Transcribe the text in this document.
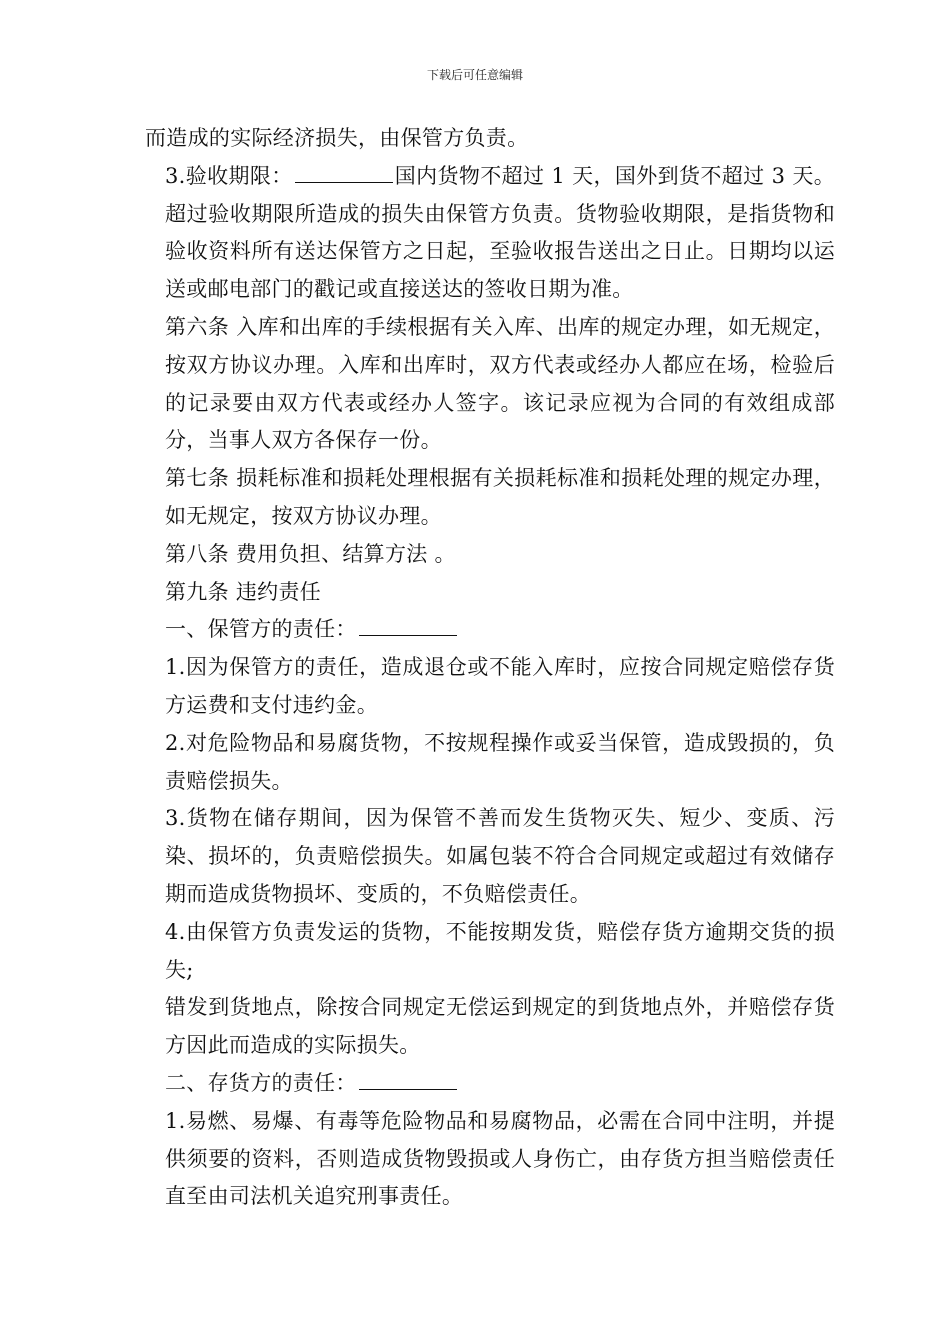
下载后可任意编辑

而造成的实际经济损失，由保管方负责。

3.验收期限：	国内货物不超过 1 天，国外到货不超过 3 天。超过验收期限所造成的损失由保管方负责。货物验收期限，是指货物和验收资料所有送达保管方之日起，至验收报告送出之日止。日期均以运送或邮电部门的戳记或直接送达的签收日期为准。

第六条 入库和出库的手续根据有关入库、出库的规定办理，如无规定，按双方协议办理。入库和出库时，双方代表或经办人都应在场，检验后的记录要由双方代表或经办人签字。该记录应视为合同的有效组成部分，当事人双方各保存一份。

第七条 损耗标准和损耗处理根据有关损耗标准和损耗处理的规定办理，如无规定，按双方协议办理。

第八条 费用负担、结算方法 。

第九条 违约责任

一、保管方的责任：

1.因为保管方的责任，造成退仓或不能入库时，应按合同规定赔偿存货方运费和支付违约金。

2.对危险物品和易腐货物，不按规程操作或妥当保管，造成毁损的，负责赔偿损失。

3.货物在储存期间，因为保管不善而发生货物灭失、短少、变质、污染、损坏的，负责赔偿损失。如属包装不符合合同规定或超过有效储存期而造成货物损坏、变质的，不负赔偿责任。

4.由保管方负责发运的货物，不能按期发货，赔偿存货方逾期交货的损失;

错发到货地点，除按合同规定无偿运到规定的到货地点外，并赔偿存货方因此而造成的实际损失。

二、存货方的责任：

1.易燃、易爆、有毒等危险物品和易腐物品，必需在合同中注明，并提供须要的资料，否则造成货物毁损或人身伤亡，由存货方担当赔偿责任直至由司法机关追究刑事责任。
